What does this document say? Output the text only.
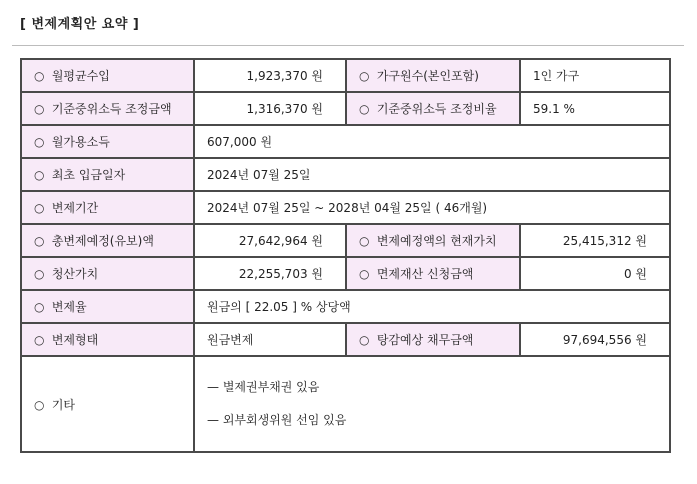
[ 변제계획안 요약 ]
○ 월평균수입	1,923,370 원	○ 가구원수(본인포함)	1인 가구
○ 기준중위소득 조정금액	1,316,370 원	○ 기준중위소득 조정비율	59.1 %
○ 월가용소득	607,000 원		
○ 최초 입금일자	2024년 07월 25일		
○ 변제기간	2024년 07월 25일 ~ 2028년 04월 25일 ( 46개월)		
○ 총변제예정(유보)액	27,642,964 원	○ 변제예정액의 현재가치	25,415,312 원
○ 청산가치	22,255,703 원	○ 면제재산 신청금액	0 원
○ 변제율	원금의 [ 22.05 ] % 상당액		
○ 변제형태	원금변제	○ 탕감예상 채무금액	97,694,556 원
○ 기타	— 별제권부채권 있음
— 외부회생위원 선임 있음		
